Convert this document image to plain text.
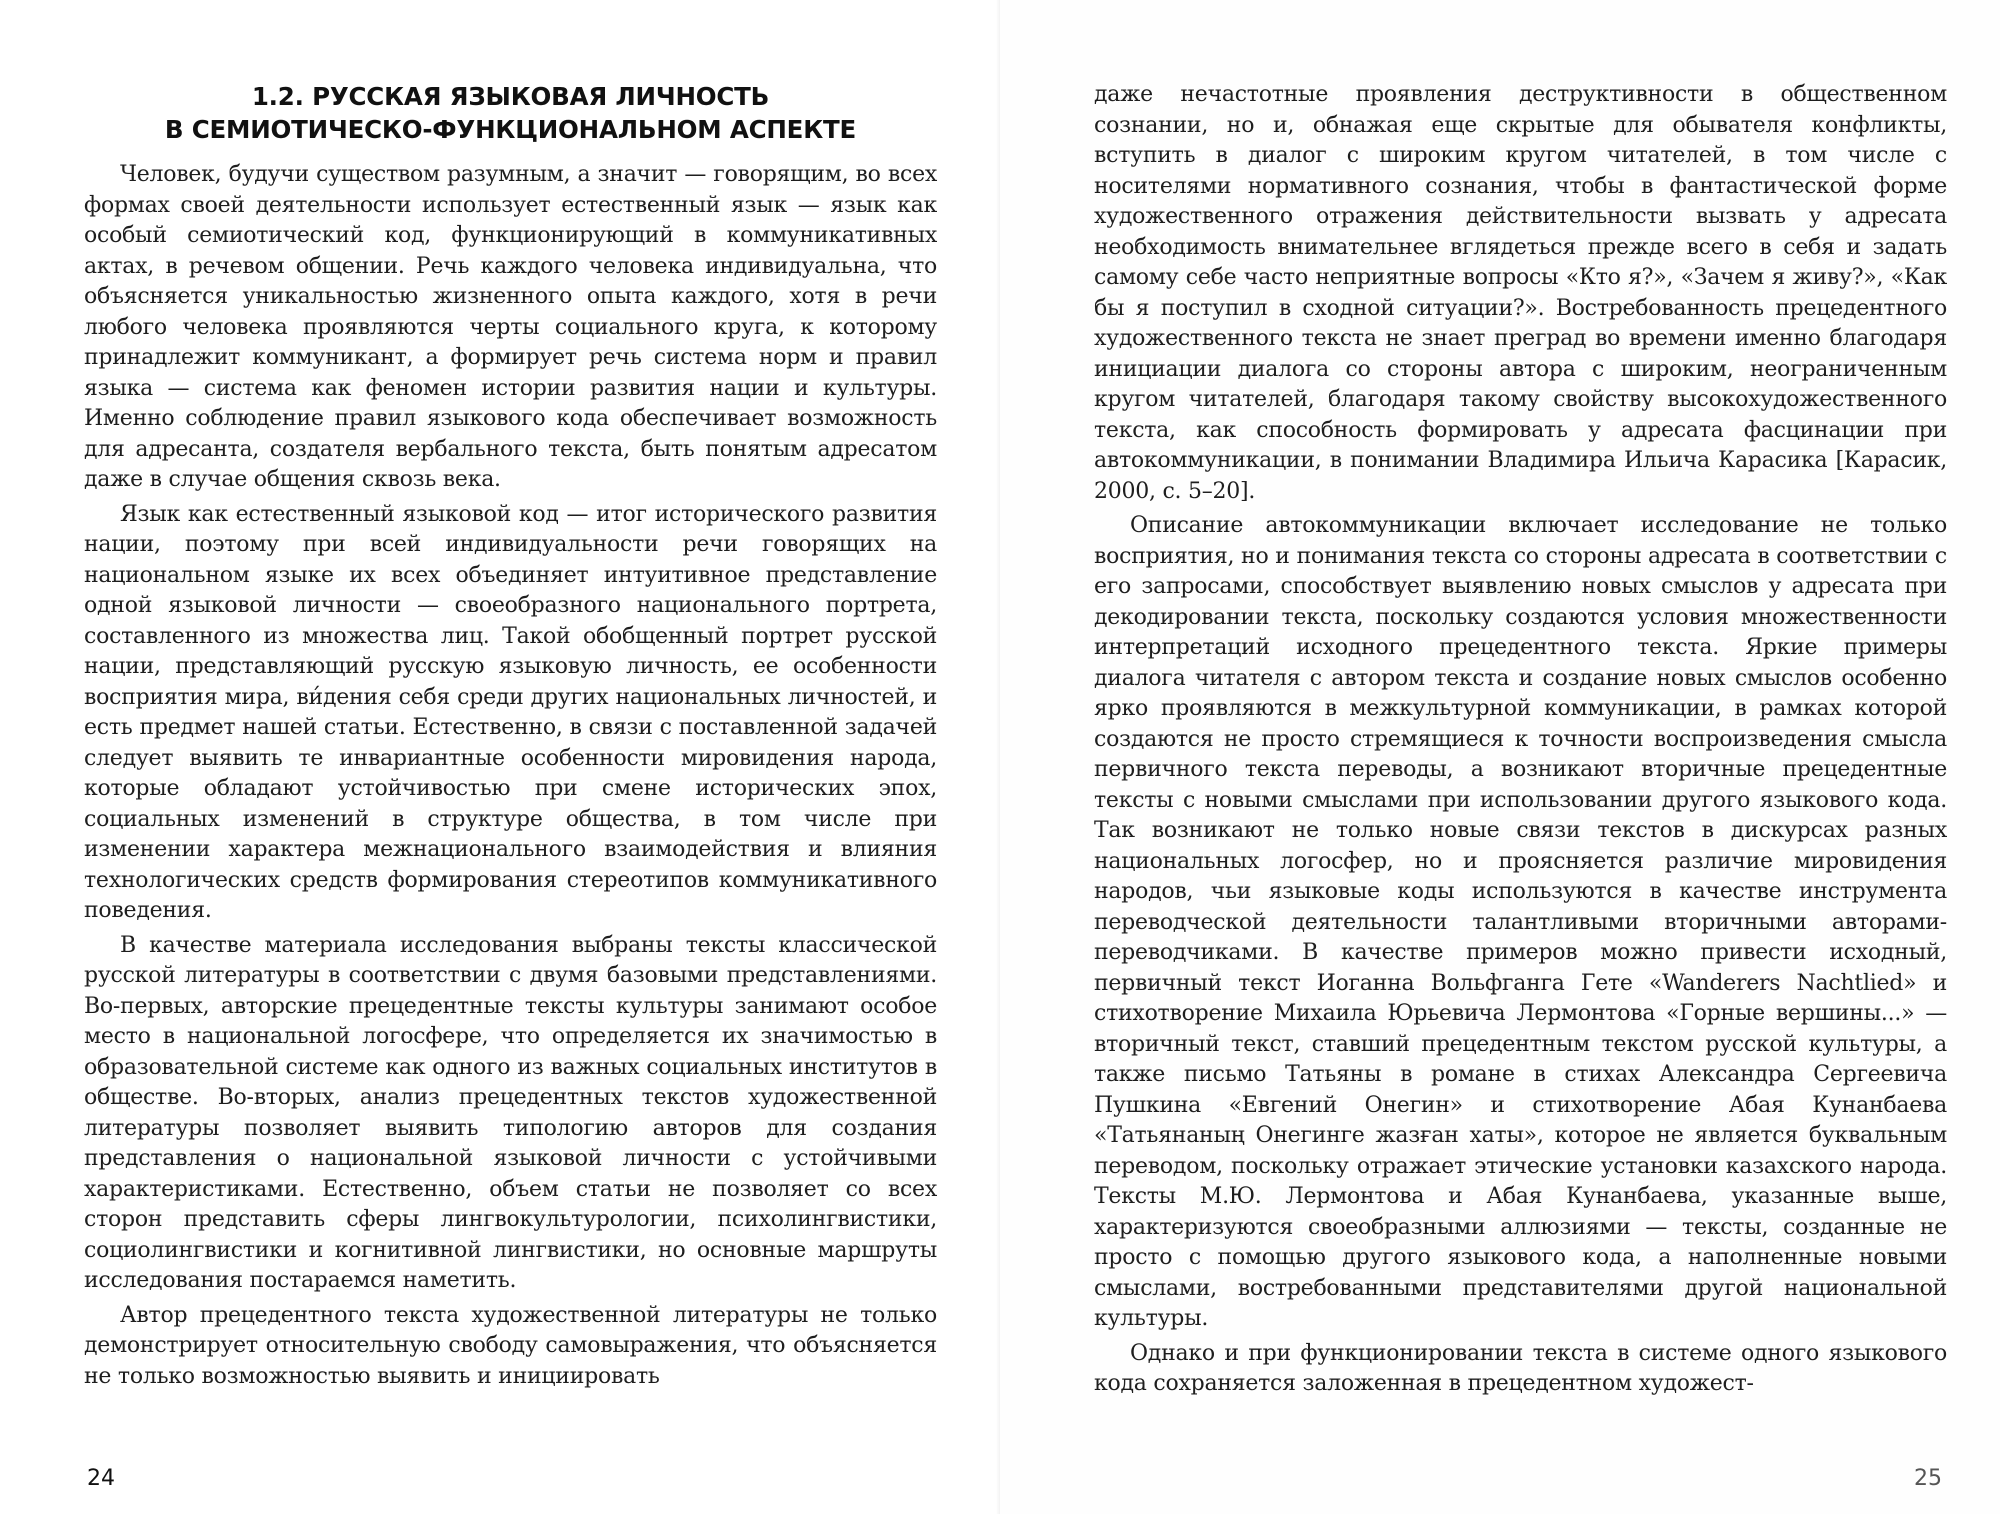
1.2. РУССКАЯ ЯЗЫКОВАЯ ЛИЧНОСТЬ
В СЕМИОТИЧЕСКО-ФУНКЦИОНАЛЬНОМ АСПЕКТЕ

Человек, будучи существом разумным, а значит — говорящим, во всех формах своей деятельности использует естественный язык — язык как особый семиотический код, функционирующий в коммуникативных актах, в речевом общении. Речь каждого человека индивидуальна, что объясняется уникальностью жизненного опыта каждого, хотя в речи любого человека проявляются черты социального круга, к которому принадлежит коммуникант, а формирует речь система норм и правил языка — система как феномен истории развития нации и культуры. Именно соблюдение правил языкового кода обеспечивает возможность для адресанта, создателя вербального текста, быть понятым адресатом даже в случае общения сквозь века.

Язык как естественный языковой код — итог исторического развития нации, поэтому при всей индивидуальности речи говорящих на национальном языке их всех объединяет интуитивное представление одной языковой личности — своеобразного национального портрета, составленного из множества лиц. Такой обобщенный портрет русской нации, представляющий русскую языковую личность, ее особенности восприятия мира, ви́дения себя среди других национальных личностей, и есть предмет нашей статьи. Естественно, в связи с поставленной задачей следует выявить те инвариантные особенности мировидения народа, которые обладают устойчивостью при смене исторических эпох, социальных изменений в структуре общества, в том числе при изменении характера межнационального взаимодействия и влияния технологических средств формирования стереотипов коммуникативного поведения.

В качестве материала исследования выбраны тексты классической русской литературы в соответствии с двумя базовыми представлениями. Во-первых, авторские прецедентные тексты культуры занимают особое место в национальной логосфере, что определяется их значимостью в образовательной системе как одного из важных социальных институтов в обществе. Во-вторых, анализ прецедентных текстов художественной литературы позволяет выявить типологию авторов для создания представления о национальной языковой личности с устойчивыми характеристиками. Естественно, объем статьи не позволяет со всех сторон представить сферы лингвокультурологии, психолингвистики, социолингвистики и когнитивной лингвистики, но основные маршруты исследования постараемся наметить.

Автор прецедентного текста художественной литературы не только демонстрирует относительную свободу самовыражения, что объясняется не только возможностью выявить и инициировать

24

даже нечастотные проявления деструктивности в общественном сознании, но и, обнажая еще скрытые для обывателя конфликты, вступить в диалог с широким кругом читателей, в том числе с носителями нормативного сознания, чтобы в фантастической форме художественного отражения действительности вызвать у адресата необходимость внимательнее вглядеться прежде всего в себя и задать самому себе часто неприятные вопросы «Кто я?», «Зачем я живу?», «Как бы я поступил в сходной ситуации?». Востребованность прецедентного художественного текста не знает преград во времени именно благодаря инициации диалога со стороны автора с широким, неограниченным кругом читателей, благодаря такому свойству высокохудожественного текста, как способность формировать у адресата фасцинации при автокоммуникации, в понимании Владимира Ильича Карасика [Карасик, 2000, с. 5–20].

Описание автокоммуникации включает исследование не только восприятия, но и понимания текста со стороны адресата в соответствии с его запросами, способствует выявлению новых смыслов у адресата при декодировании текста, поскольку создаются условия множественности интерпретаций исходного прецедентного текста. Яркие примеры диалога читателя с автором текста и создание новых смыслов особенно ярко проявляются в межкультурной коммуникации, в рамках которой создаются не просто стремящиеся к точности воспроизведения смысла первичного текста переводы, а возникают вторичные прецедентные тексты с новыми смыслами при использовании другого языкового кода. Так возникают не только новые связи текстов в дискурсах разных национальных логосфер, но и проясняется различие мировидения народов, чьи языковые коды используются в качестве инструмента переводческой деятельности талантливыми вторичными авторами-переводчиками. В качестве примеров можно привести исходный, первичный текст Иоганна Вольфганга Гете «Wanderers Nachtlied» и стихотворение Михаила Юрьевича Лермонтова «Горные вершины...» — вторичный текст, ставший прецедентным текстом русской культуры, а также письмо Татьяны в романе в стихах Александра Сергеевича Пушкина «Евгений Онегин» и стихотворение Абая Кунанбаева «Татьянаның Онегинге жазған хаты», которое не является буквальным переводом, поскольку отражает этические установки казахского народа. Тексты М.Ю. Лермонтова и Абая Кунанбаева, указанные выше, характеризуются своеобразными аллюзиями — тексты, созданные не просто с помощью другого языкового кода, а наполненные новыми смыслами, востребованными представителями другой национальной культуры.

Однако и при функционировании текста в системе одного языкового кода сохраняется заложенная в прецедентном художест-

25
